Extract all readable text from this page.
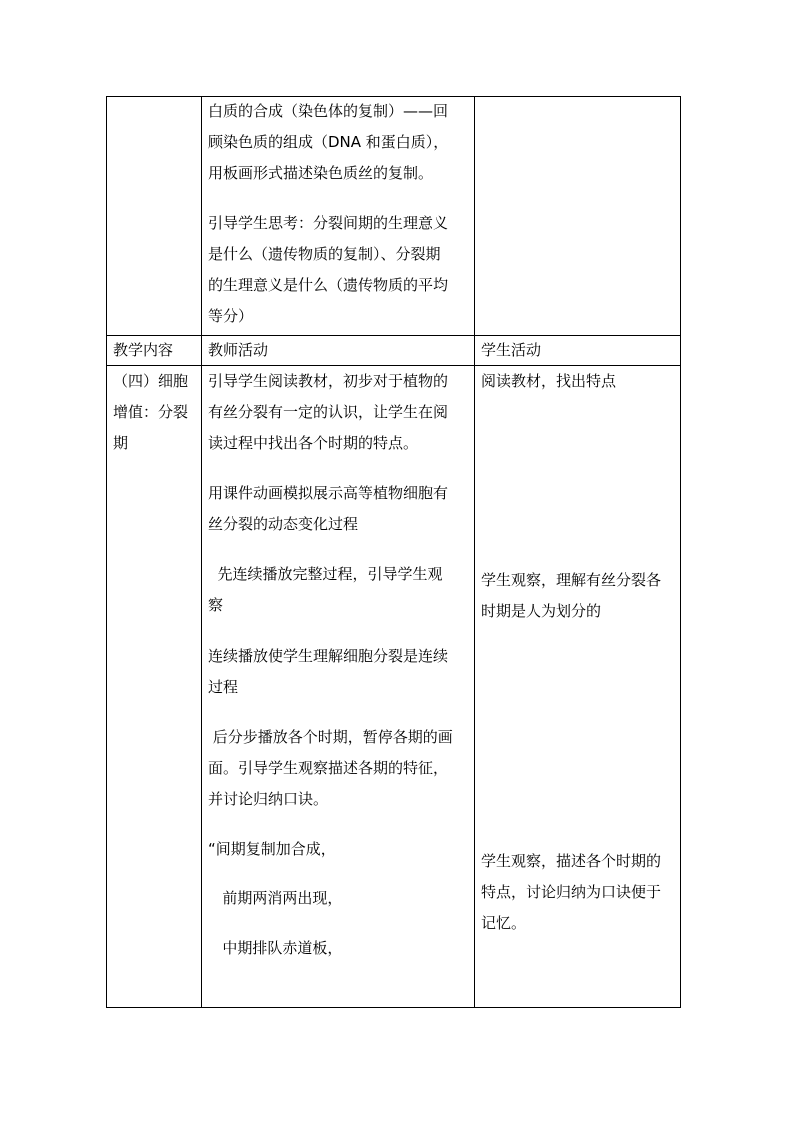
白质的合成（染色体的复制）——回
顾染色质的组成（DNA 和蛋白质），
用板画形式描述染色质丝的复制。
引导学生思考：分裂间期的生理意义
是什么（遗传物质的复制）、分裂期
的生理意义是什么（遗传物质的平均
等分）
教学内容 教师活动	学生活动
（四）细胞
增值：分裂
期
引导学生阅读教材，初步对于植物的
有丝分裂有一定的认识，让学生在阅
读过程中找出各个时期的特点。
用课件动画模拟展示高等植物细胞有
丝分裂的动态变化过程
先连续播放完整过程，引导学生观
察
连续播放使学生理解细胞分裂是连续
过程
后分步播放各个时期，暂停各期的画
面。引导学生观察描述各期的特征，
并讨论归纳口诀。
“间期复制加合成，
前期两消两出现，
中期排队赤道板，
阅读教材，找出特点
学生观察，理解有丝分裂各
时期是人为划分的
学生观察，描述各个时期的
特点，讨论归纳为口诀便于
记忆。
